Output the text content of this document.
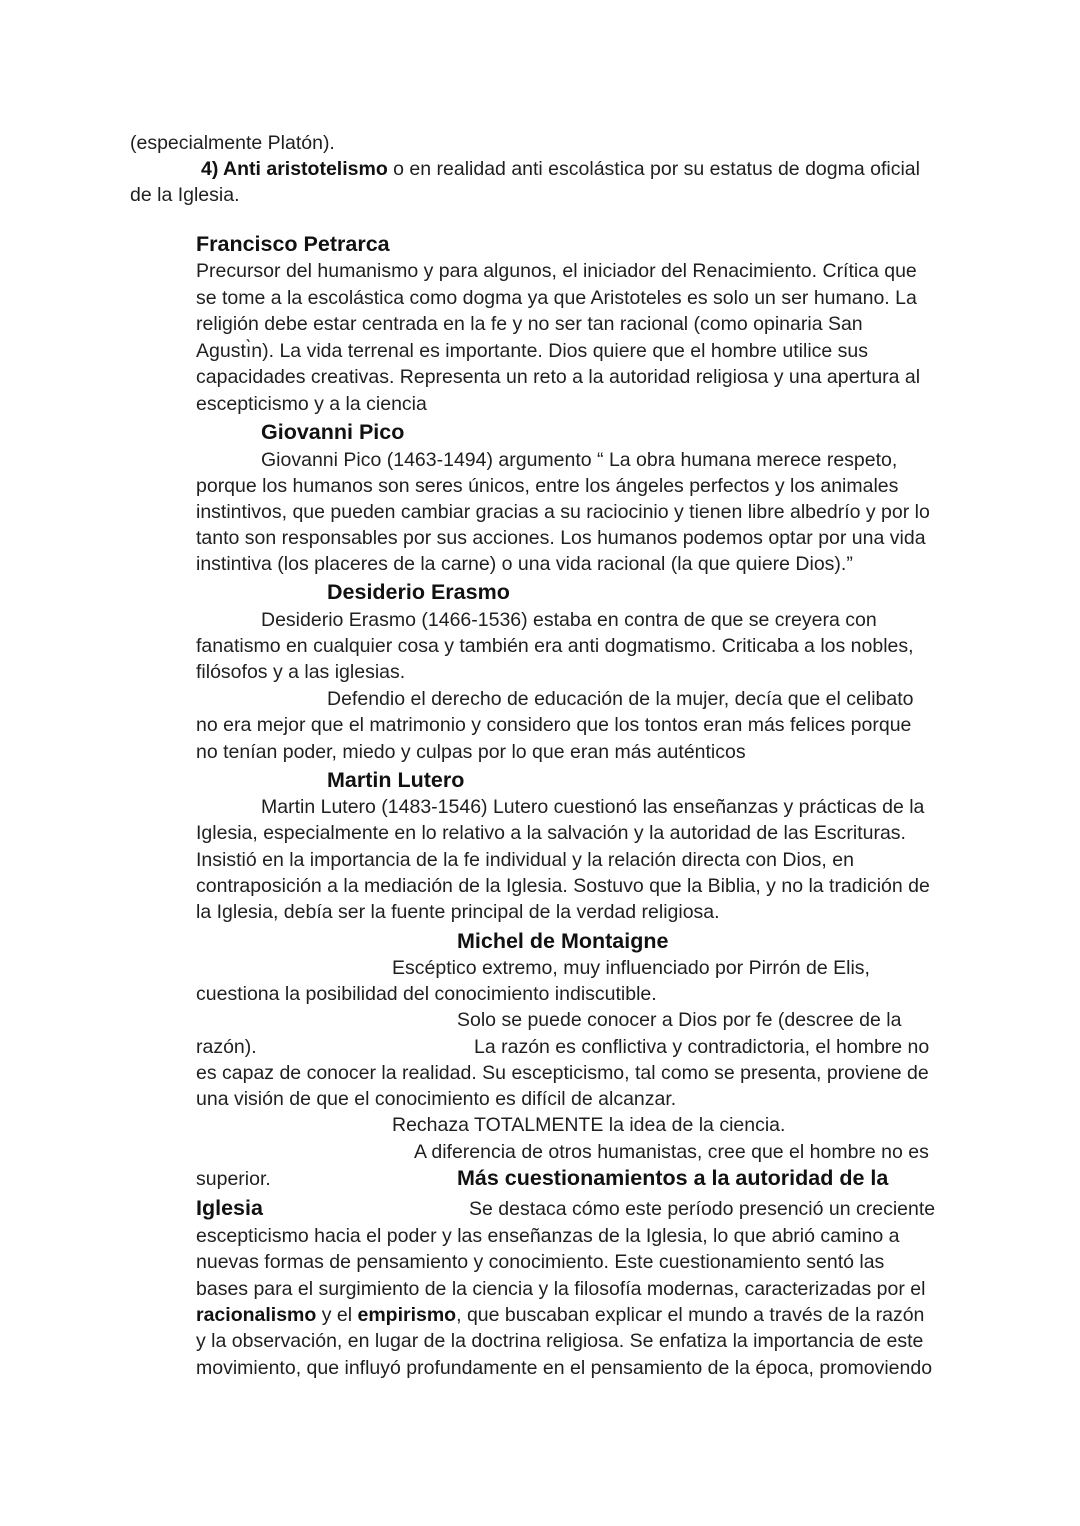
(especialmente Platón).
4) Anti aristotelismo o en realidad anti escolástica por su estatus de dogma oficial
de la Iglesia.
Francisco Petrarca
Precursor del humanismo y para algunos, el iniciador del Renacimiento. Crítica que
se tome a la escolástica como dogma ya que Aristoteles es solo un ser humano. La
religión debe estar centrada en la fe y no ser tan racional (como opinaria San
Agustı̀n). La vida terrenal es importante. Dios quiere que el hombre utilice sus
capacidades creativas. Representa un reto a la autoridad religiosa y una apertura al
escepticismo y a la ciencia
Giovanni Pico
Giovanni Pico (1463-1494) argumento “ La obra humana merece respeto,
porque los humanos son seres únicos, entre los ángeles perfectos y los animales
instintivos, que pueden cambiar gracias a su raciocinio y tienen libre albedrío y por lo
tanto son responsables por sus acciones. Los humanos podemos optar por una vida
instintiva (los placeres de la carne) o una vida racional (la que quiere Dios).”
Desiderio Erasmo
Desiderio Erasmo (1466-1536) estaba en contra de que se creyera con
fanatismo en cualquier cosa y también era anti dogmatismo. Criticaba a los nobles,
filósofos y a las iglesias.
Defendio el derecho de educación de la mujer, decía que el celibato
no era mejor que el matrimonio y considero que los tontos eran más felices porque
no tenían poder, miedo y culpas por lo que eran más auténticos
Martin Lutero
Martin Lutero (1483-1546) Lutero cuestionó las enseñanzas y prácticas de la
Iglesia, especialmente en lo relativo a la salvación y la autoridad de las Escrituras.
Insistió en la importancia de la fe individual y la relación directa con Dios, en
contraposición a la mediación de la Iglesia. Sostuvo que la Biblia, y no la tradición de
la Iglesia, debía ser la fuente principal de la verdad religiosa.
Michel de Montaigne
Escéptico extremo, muy influenciado por Pirrón de Elis,
cuestiona la posibilidad del conocimiento indiscutible.
Solo se puede conocer a Dios por fe (descree de la
razón).	La razón es conflictiva y contradictoria, el hombre no
es capaz de conocer la realidad. Su escepticismo, tal como se presenta, proviene de
una visión de que el conocimiento es difícil de alcanzar.
Rechaza TOTALMENTE la idea de la ciencia.
A diferencia de otros humanistas, cree que el hombre no es
superior.	Más cuestionamientos a la autoridad de la
Iglesia	Se destaca cómo este período presenció un creciente
escepticismo hacia el poder y las enseñanzas de la Iglesia, lo que abrió camino a
nuevas formas de pensamiento y conocimiento. Este cuestionamiento sentó las
bases para el surgimiento de la ciencia y la filosofía modernas, caracterizadas por el
racionalismo y el empirismo, que buscaban explicar el mundo a través de la razón
y la observación, en lugar de la doctrina religiosa. Se enfatiza la importancia de este
movimiento, que influyó profundamente en el pensamiento de la época, promoviendo
